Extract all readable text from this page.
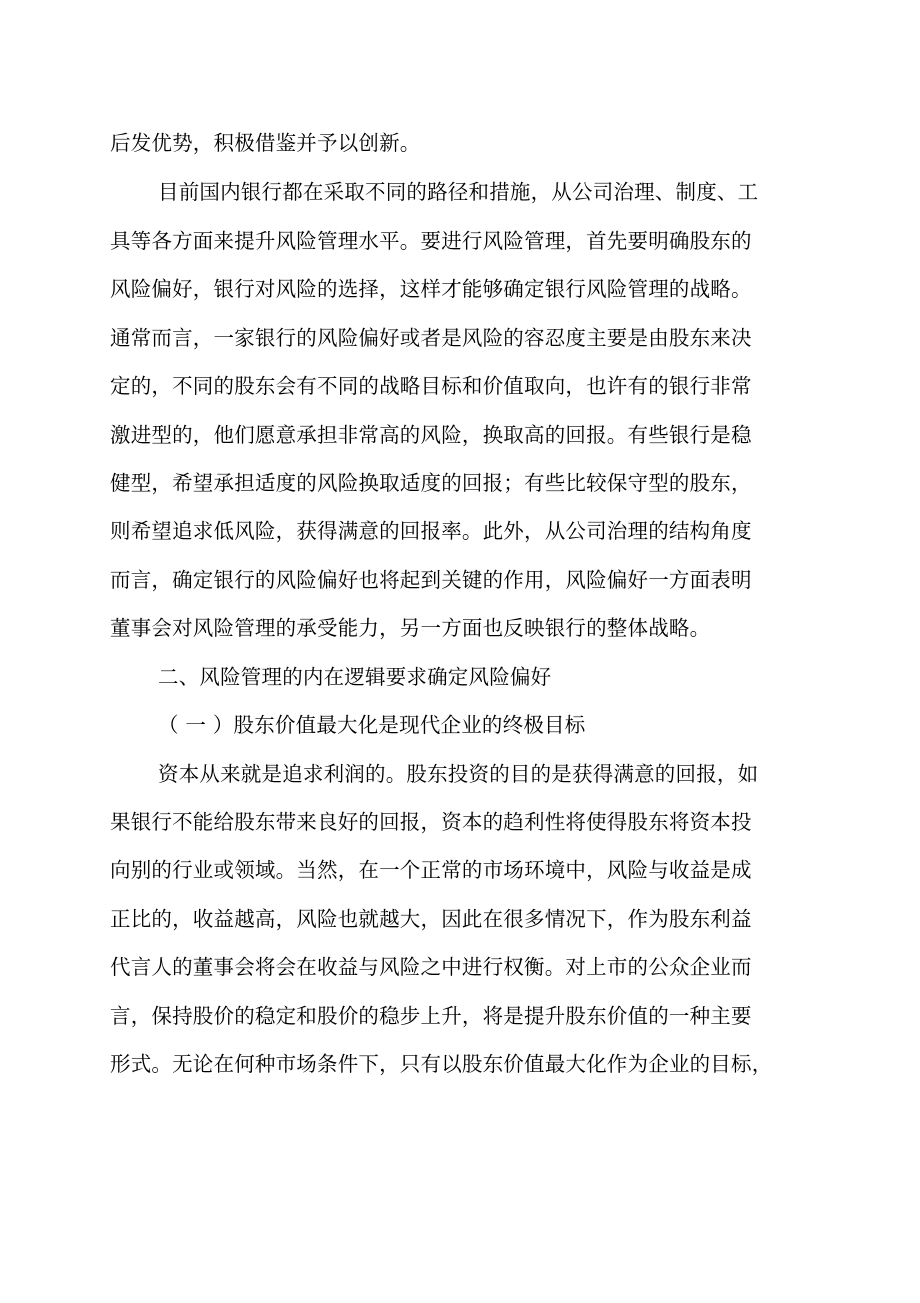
后发优势，积极借鉴并予以创新。
目前国内银行都在采取不同的路径和措施，从公司治理、制度、工
具等各方面来提升风险管理水平。要进行风险管理，首先要明确股东的
风险偏好，银行对风险的选择，这样才能够确定银行风险管理的战略。
通常而言，一家银行的风险偏好或者是风险的容忍度主要是由股东来决
定的，不同的股东会有不同的战略目标和价值取向，也许有的银行非常
激进型的，他们愿意承担非常高的风险，换取高的回报。有些银行是稳
健型，希望承担适度的风险换取适度的回报；有些比较保守型的股东，
则希望追求低风险，获得满意的回报率。此外，从公司治理的结构角度
而言，确定银行的风险偏好也将起到关键的作用，风险偏好一方面表明
董事会对风险管理的承受能力，另一方面也反映银行的整体战略。
二、风险管理的内在逻辑要求确定风险偏好
（ 一 ）股东价值最大化是现代企业的终极目标
资本从来就是追求利润的。股东投资的目的是获得满意的回报，如
果银行不能给股东带来良好的回报，资本的趋利性将使得股东将资本投
向别的行业或领域。当然，在一个正常的市场环境中，风险与收益是成
正比的，收益越高，风险也就越大，因此在很多情况下，作为股东利益
代言人的董事会将会在收益与风险之中进行权衡。对上市的公众企业而
言，保持股价的稳定和股价的稳步上升，将是提升股东价值的一种主要
形式。无论在何种市场条件下，只有以股东价值最大化作为企业的目标，
